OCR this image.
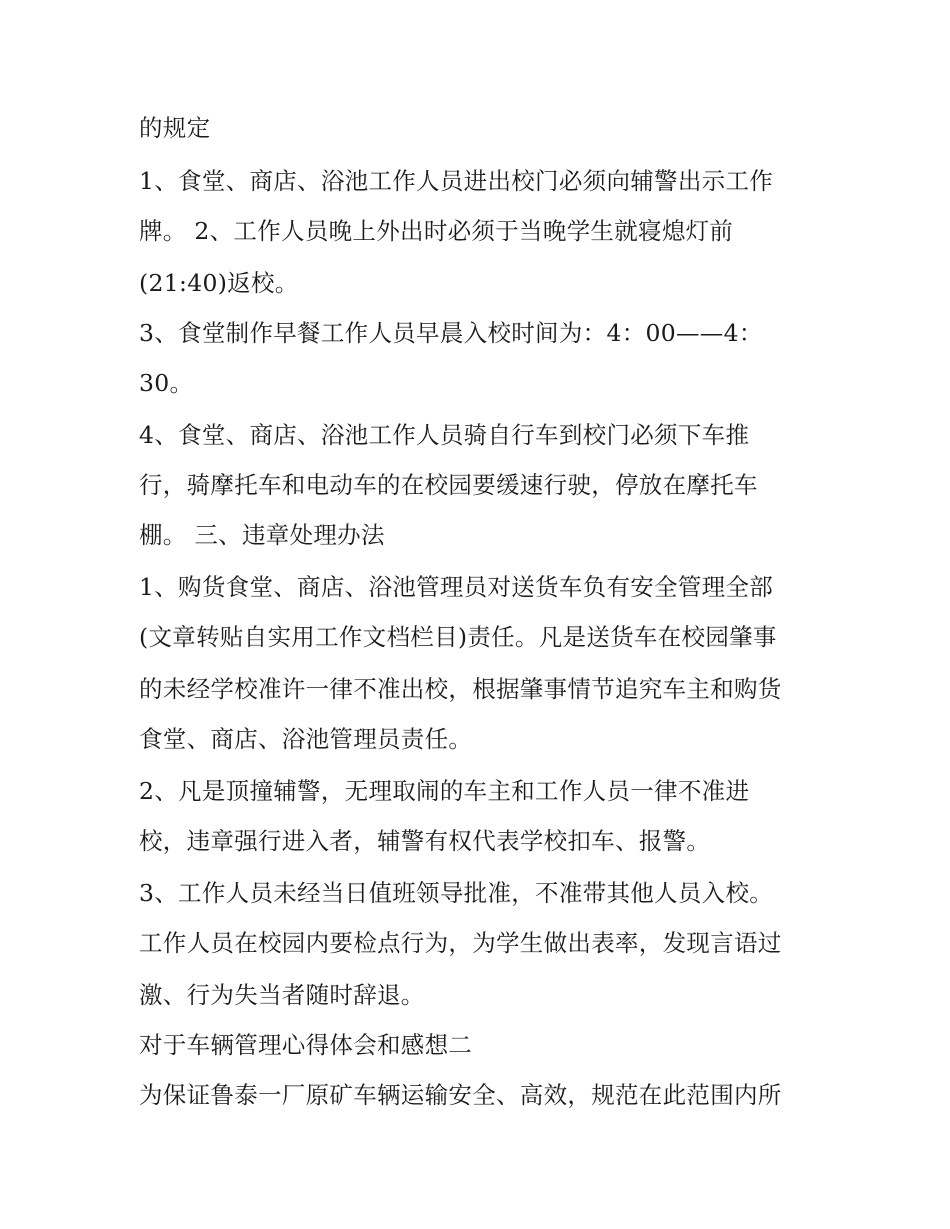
的规定
1、食堂、商店、浴池工作人员进出校门必须向辅警出示工作
牌。 2、工作人员晚上外出时必须于当晚学生就寝熄灯前
(21:40)返校。
3、食堂制作早餐工作人员早晨入校时间为：4：00——4：
30。
4、食堂、商店、浴池工作人员骑自行车到校门必须下车推
行，骑摩托车和电动车的在校园要缓速行驶，停放在摩托车
棚。 三、违章处理办法
1、购货食堂、商店、浴池管理员对送货车负有安全管理全部
(文章转贴自实用工作文档栏目)责任。凡是送货车在校园肇事
的未经学校准许一律不准出校，根据肇事情节追究车主和购货
食堂、商店、浴池管理员责任。
2、凡是顶撞辅警，无理取闹的车主和工作人员一律不准进
校，违章强行进入者，辅警有权代表学校扣车、报警。
3、工作人员未经当日值班领导批准，不准带其他人员入校。
工作人员在校园内要检点行为，为学生做出表率，发现言语过
激、行为失当者随时辞退。
对于车辆管理心得体会和感想二
为保证鲁泰一厂原矿车辆运输安全、高效，规范在此范围内所
